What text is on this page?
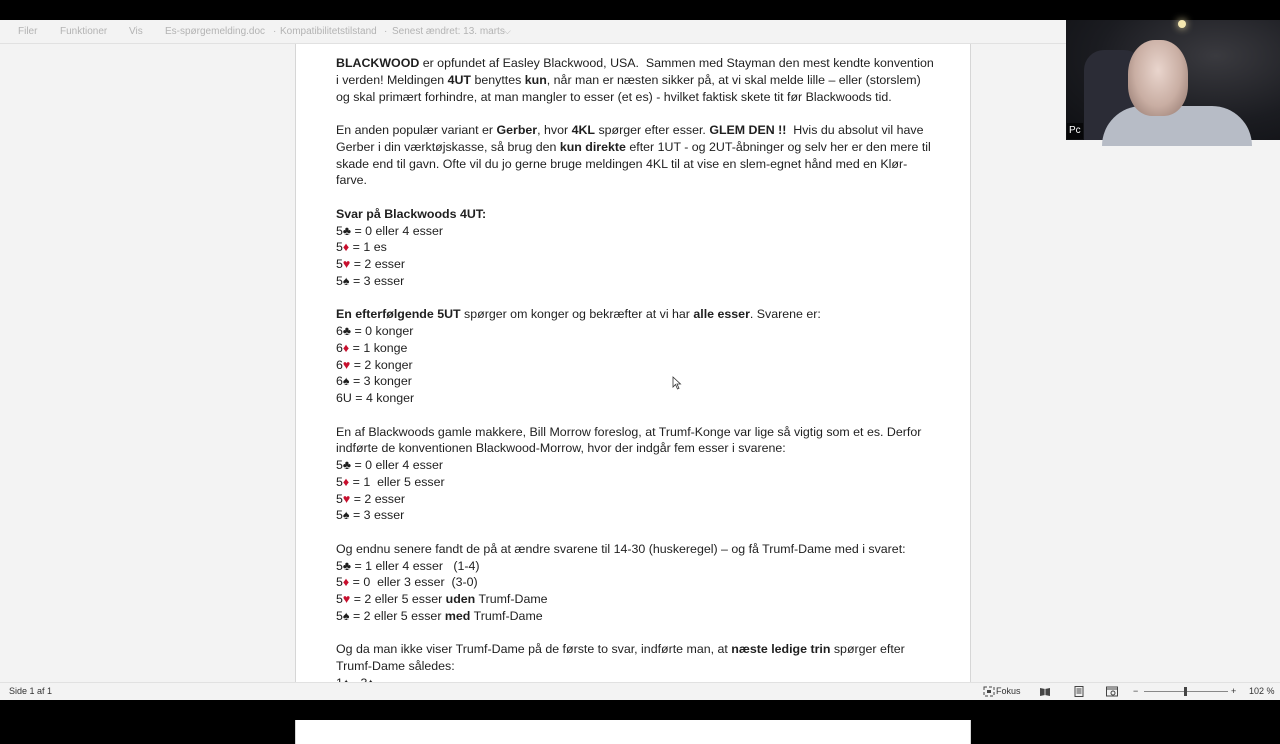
Filer Funktioner Vis Es-spørgemelding.doc · Kompatibilitetstilstand · Senest ændret: 13. marts ⌵

BLACKWOOD er opfundet af Easley Blackwood, USA.  Sammen med Stayman den mest kendte konvention i verden! Meldingen 4UT benyttes kun, når man er næsten sikker på, at vi skal melde lille – eller (storslem) og skal primært forhindre, at man mangler to esser (et es) - hvilket faktisk skete tit før Blackwoods tid.

En anden populær variant er Gerber, hvor 4KL spørger efter esser. GLEM DEN !!  Hvis du absolut vil have Gerber i din værktøjskasse, så brug den kun direkte efter 1UT - og 2UT-åbninger og selv her er den mere til skade end til gavn. Ofte vil du jo gerne bruge meldingen 4KL til at vise en slem-egnet hånd med en Klør-farve.

Svar på Blackwoods 4UT:

5♣ = 0 eller 4 esser

5♦ = 1 es

5♥ = 2 esser

5♠ = 3 esser

En efterfølgende 5UT spørger om konger og bekræfter at vi har alle esser. Svarene er:

6♣ = 0 konger

6♦ = 1 konge

6♥ = 2 konger

6♠ = 3 konger

6U = 4 konger

En af Blackwoods gamle makkere, Bill Morrow foreslog, at Trumf-Konge var lige så vigtig som et es. Derfor indførte de konventionen Blackwood-Morrow, hvor der indgår fem esser i svarene:

5♣ = 0 eller 4 esser

5♦ = 1  eller 5 esser

5♥ = 2 esser

5♠ = 3 esser

Og endnu senere fandt de på at ændre svarene til 14-30 (huskeregel) – og få Trumf-Dame med i svaret:

5♣ = 1 eller 4 esser   (1-4)

5♦ = 0  eller 3 esser  (3-0)

5♥ = 2 eller 5 esser uden Trumf-Dame

5♠ = 2 eller 5 esser med Trumf-Dame

Og da man ikke viser Trumf-Dame på de første to svar, indførte man, at næste ledige trin spørger efter Trumf-Dame således:

Pc
Side 1 af 1	Fokus	−	+ 102 %
